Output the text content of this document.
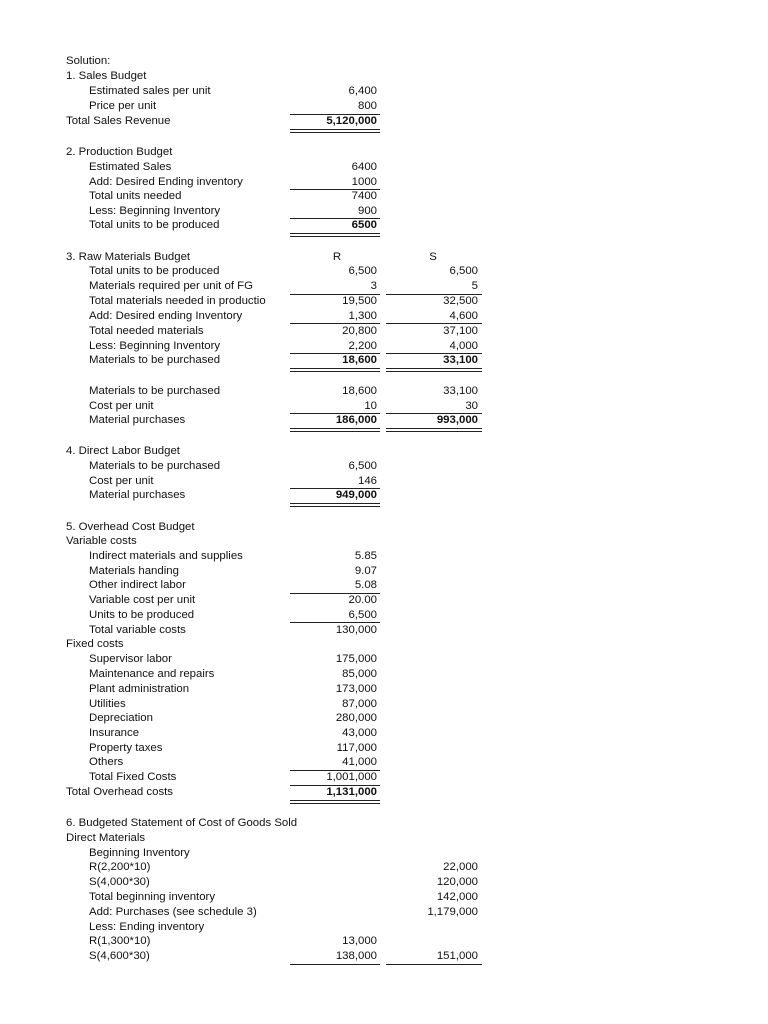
Solution:
1. Sales Budget
Estimated sales per unit	6,400
Price per unit	800
Total Sales Revenue	5,120,000
2. Production Budget
Estimated Sales	6400
Add: Desired Ending inventory	1000
Total units needed	7400
Less: Beginning Inventory	900
Total units to be produced	6500
3. Raw Materials Budget	R	S
Total units to be produced	6,500	6,500
Materials required per unit of FG	3	5
Total materials needed in productio	19,500	32,500
Add: Desired ending Inventory	1,300	4,600
Total needed materials	20,800	37,100
Less: Beginning Inventory	2,200	4,000
Materials to be purchased	18,600	33,100
Materials to be purchased	18,600	33,100
Cost per unit	10	30
Material purchases	186,000	993,000
4. Direct Labor Budget
Materials to be purchased	6,500
Cost per unit	146
Material purchases	949,000
5. Overhead Cost Budget
Variable costs
Indirect materials and supplies	5.85
Materials handing	9.07
Other indirect labor	5.08
Variable cost per unit	20.00
Units to be produced	6,500
Total variable costs	130,000
Fixed costs
Supervisor labor	175,000
Maintenance and repairs	85,000
Plant administration	173,000
Utilities	87,000
Depreciation	280,000
Insurance	43,000
Property taxes	117,000
Others	41,000
Total Fixed Costs	1,001,000
Total Overhead costs	1,131,000
6. Budgeted Statement of Cost of Goods Sold
Direct Materials
Beginning Inventory
R(2,200*10)	22,000
S(4,000*30)	120,000
Total beginning inventory	142,000
Add: Purchases (see schedule 3)	1,179,000
Less: Ending inventory
R(1,300*10)	13,000
S(4,600*30)	138,000	151,000
